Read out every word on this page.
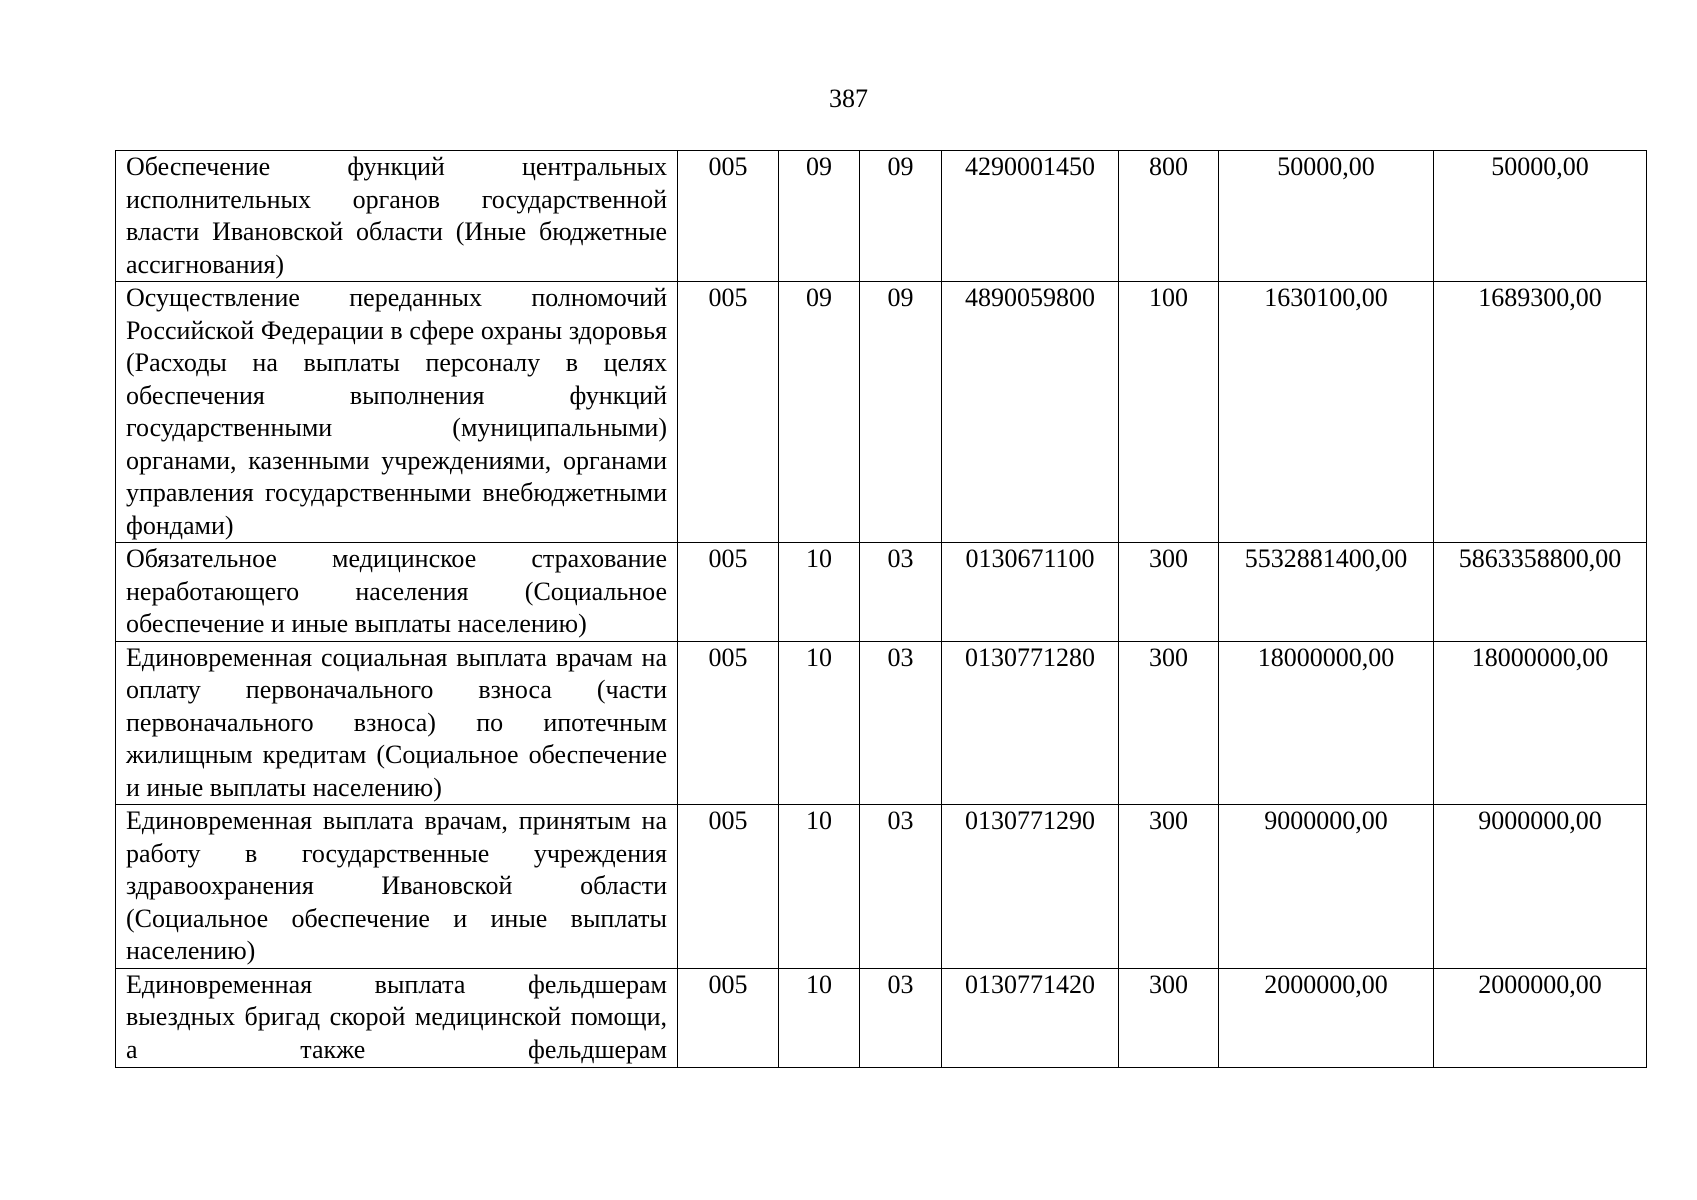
387
Обеспечение функций центральных исполнительных органов государственной власти Ивановской области (Иные бюджетные ассигнования)	005	09	09	4290001450	800	50000,00	50000,00
Осуществление переданных полномочий Российской Федерации в сфере охраны здоровья (Расходы на выплаты персоналу в целях обеспечения выполнения функций государственными (муниципальными) органами, казенными учреждениями, органами управления государственными внебюджетными фондами)	005	09	09	4890059800	100	1630100,00	1689300,00
Обязательное медицинское страхование неработающего населения (Социальное обеспечение и иные выплаты населению)	005	10	03	0130671100	300	5532881400,00	5863358800,00
Единовременная социальная выплата врачам на оплату первоначального взноса (части первоначального взноса) по ипотечным жилищным кредитам (Социальное обеспечение и иные выплаты населению)	005	10	03	0130771280	300	18000000,00	18000000,00
Единовременная выплата врачам, принятым на работу в государственные учреждения здравоохранения Ивановской области (Социальное обеспечение и иные выплаты населению)	005	10	03	0130771290	300	9000000,00	9000000,00
Единовременная выплата фельдшерам выездных бригад скорой медицинской помощи, а также фельдшерам	005	10	03	0130771420	300	2000000,00	2000000,00
